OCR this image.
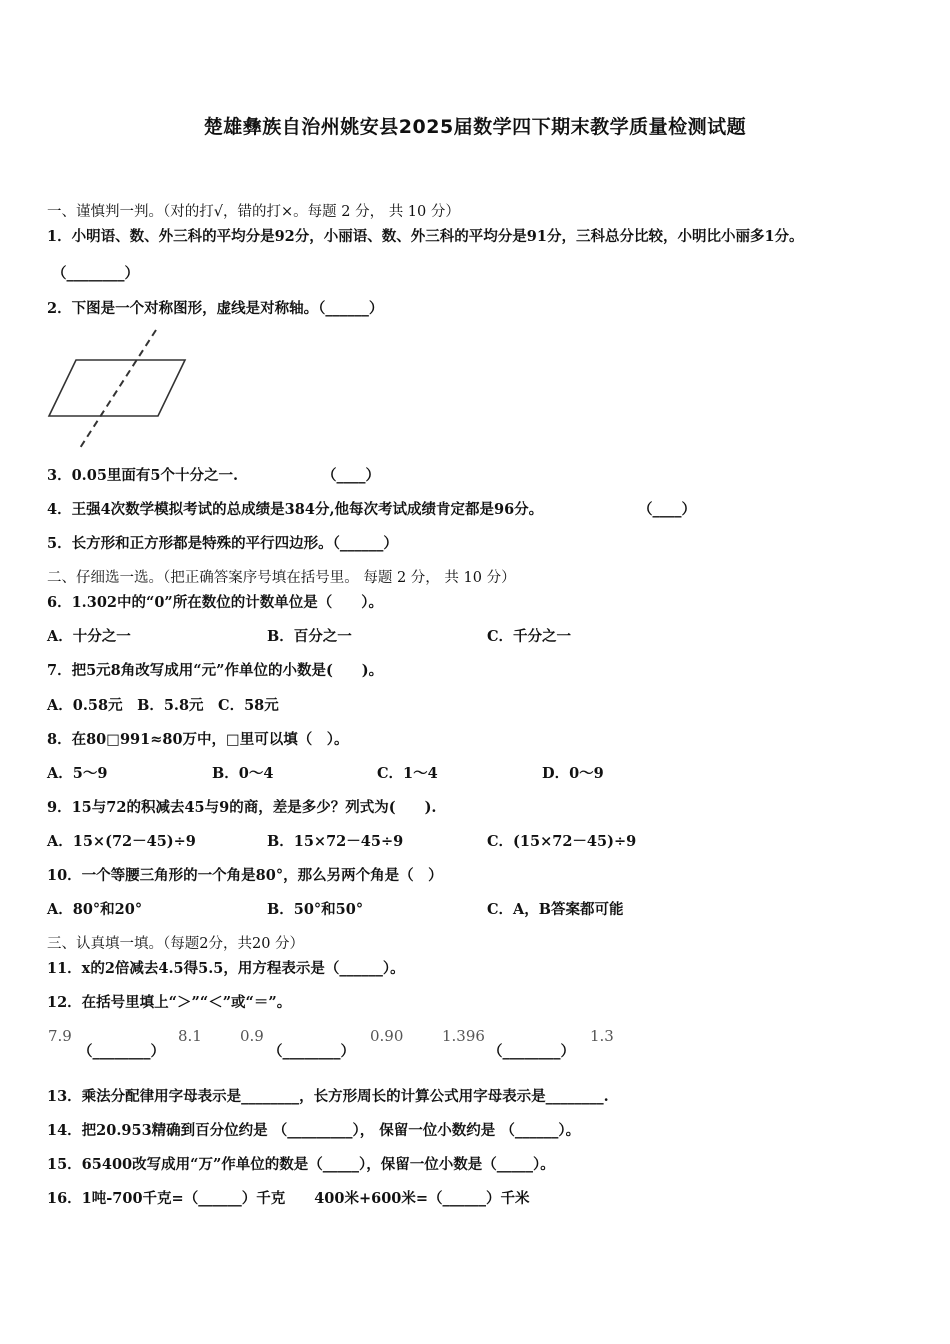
楚雄彝族自治州姚安县2025届数学四下期末教学质量检测试题
一、谨慎判一判。（对的打√，错的打×。每题 2 分， 共 10 分）
1．小明语、数、外三科的平均分是92分，小丽语、数、外三科的平均分是91分，三科总分比较，小明比小丽多1分。
（________）
2．下图是一个对称图形，虚线是对称轴。（______）
3．0.05里面有5个十分之一.	（____）
4．王强4次数学模拟考试的总成绩是384分,他每次考试成绩肯定都是96分。	（____）
5．长方形和正方形都是特殊的平行四边形。（______）
二、仔细选一选。（把正确答案序号填在括号里。 每题 2 分， 共 10 分）
6．1.302中的“0”所在数位的计数单位是（　　）。
A．十分之一	B．百分之一	C．千分之一
7．把5元8角改写成用“元”作单位的小数是(　　)。
A．0.58元　B．5.8元　C．58元
8．在80□991≈80万中，□里可以填（　）。
A．5～9	B．0～4	C．1～4	D．0～9
9．15与72的积减去45与9的商，差是多少？列式为(　　).
A．15×(72－45)÷9	B．15×72－45÷9	C．(15×72－45)÷9
10．一个等腰三角形的一个角是80°，那么另两个角是（　）
A．80°和20°	B．50°和50°	C．A，B答案都可能
三、认真填一填。（每题2分，共20 分）
11．x的2倍减去4.5得5.5，用方程表示是（______）。
12．在括号里填上“＞”“＜”或“＝”。
7.9
（________）
8.1	0.9
（________）
0.90	1.396
（________）
1.3
13．乘法分配律用字母表示是________，长方形周长的计算公式用字母表示是________.
14．把20.953精确到百分位约是 （_________）， 保留一位小数约是 （______）。
15．65400改写成用“万”作单位的数是（_____），保留一位小数是（_____）。
16．1吨-700千克=（______）千克　　400米+600米=（______）千米
